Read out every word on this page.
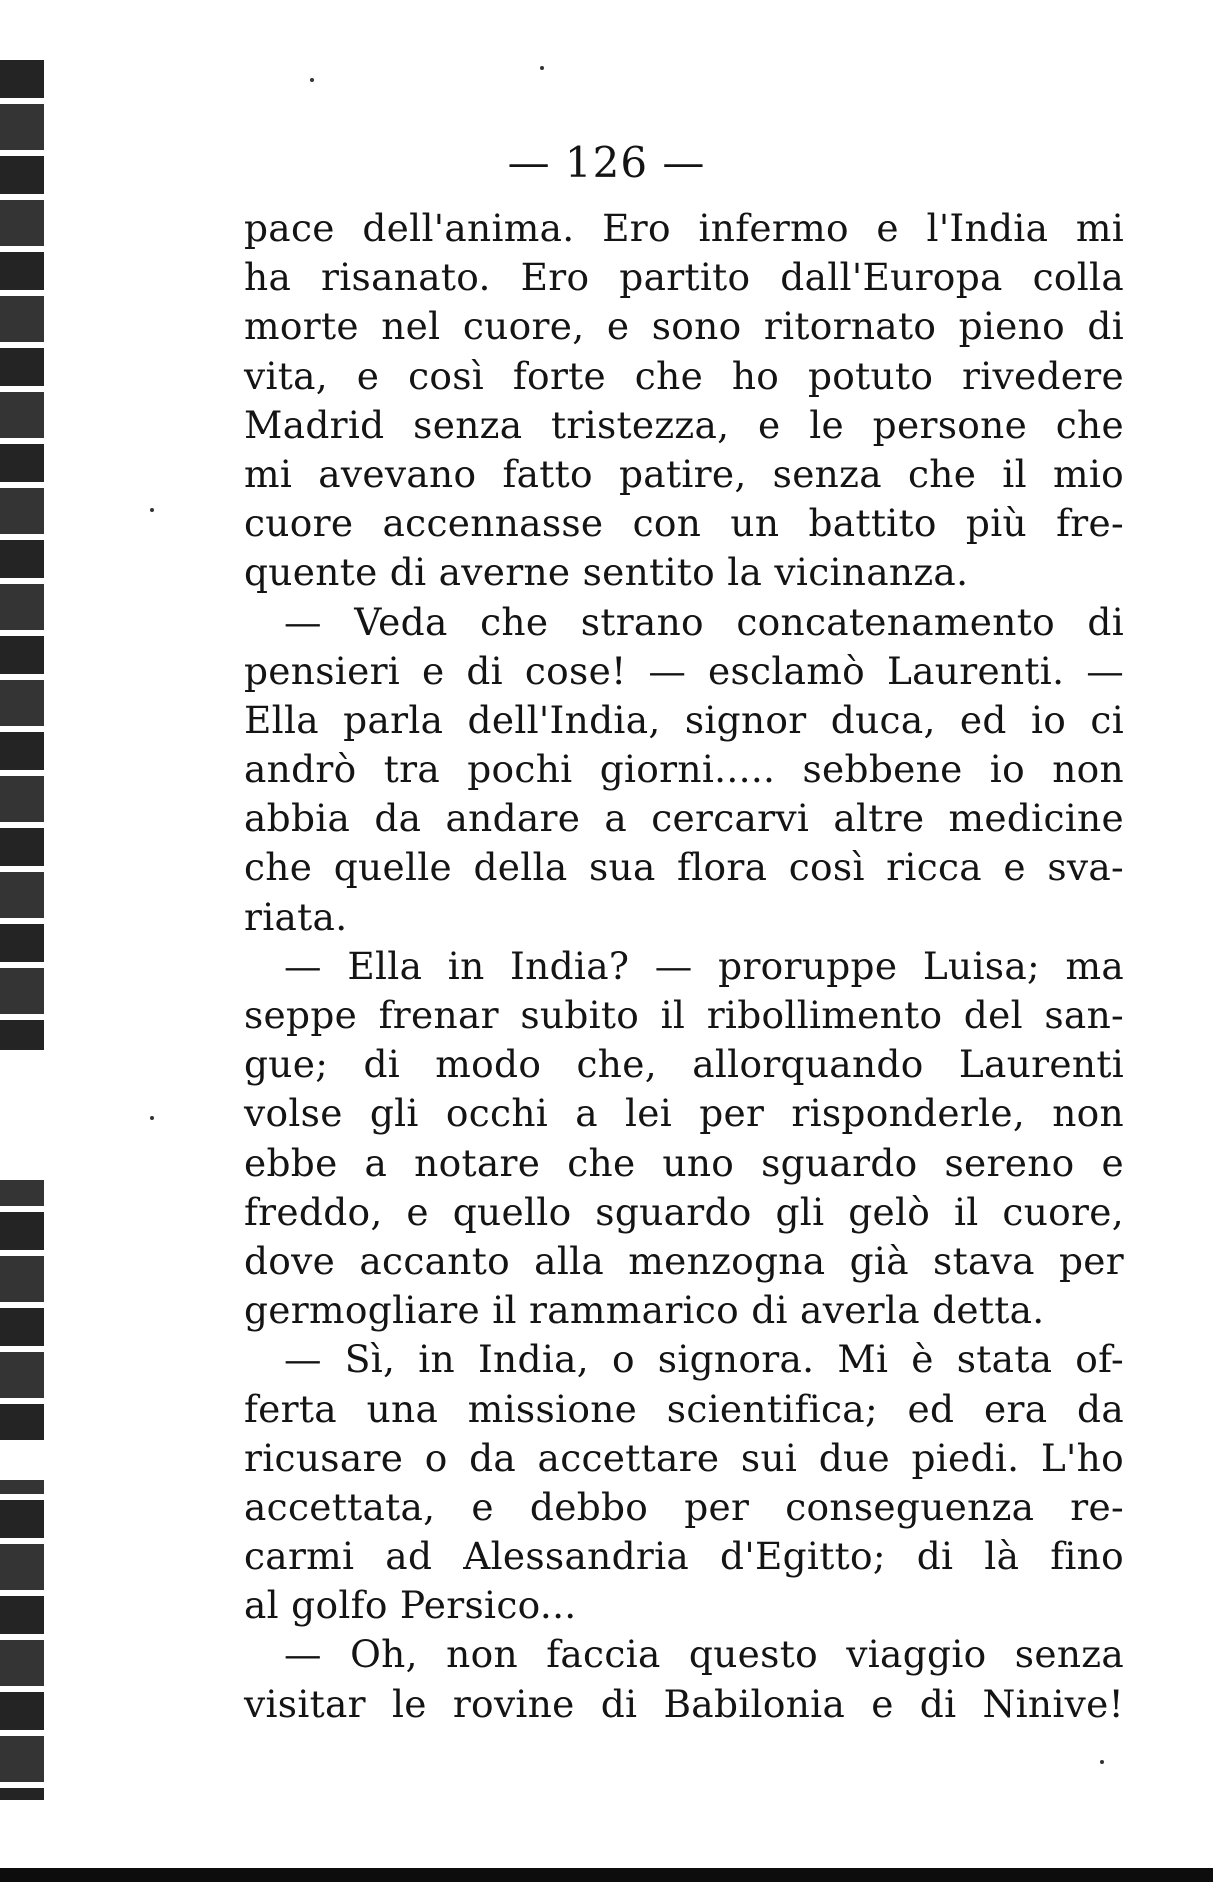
— 126 —
pace dell'anima. Ero infermo e l'India mi
ha risanato. Ero partito dall'Europa colla
morte nel cuore, e sono ritornato pieno di
vita, e così forte che ho potuto rivedere
Madrid senza tristezza, e le persone che
mi avevano fatto patire, senza che il mio
cuore accennasse con un battito più fre-
quente di averne sentito la vicinanza.
— Veda che strano concatenamento di
pensieri e di cose! — esclamò Laurenti. —
Ella parla dell'India, signor duca, ed io ci
andrò tra pochi giorni..... sebbene io non
abbia da andare a cercarvi altre medicine
che quelle della sua flora così ricca e sva-
riata.
— Ella in India? — proruppe Luisa; ma
seppe frenar subito il ribollimento del san-
gue; di modo che, allorquando Laurenti
volse gli occhi a lei per risponderle, non
ebbe a notare che uno sguardo sereno e
freddo, e quello sguardo gli gelò il cuore,
dove accanto alla menzogna già stava per
germogliare il rammarico di averla detta.
— Sì, in India, o signora. Mi è stata of-
ferta una missione scientifica; ed era da
ricusare o da accettare sui due piedi. L'ho
accettata, e debbo per conseguenza re-
carmi ad Alessandria d'Egitto; di là fino
al golfo Persico...
— Oh, non faccia questo viaggio senza
visitar le rovine di Babilonia e di Ninive!
